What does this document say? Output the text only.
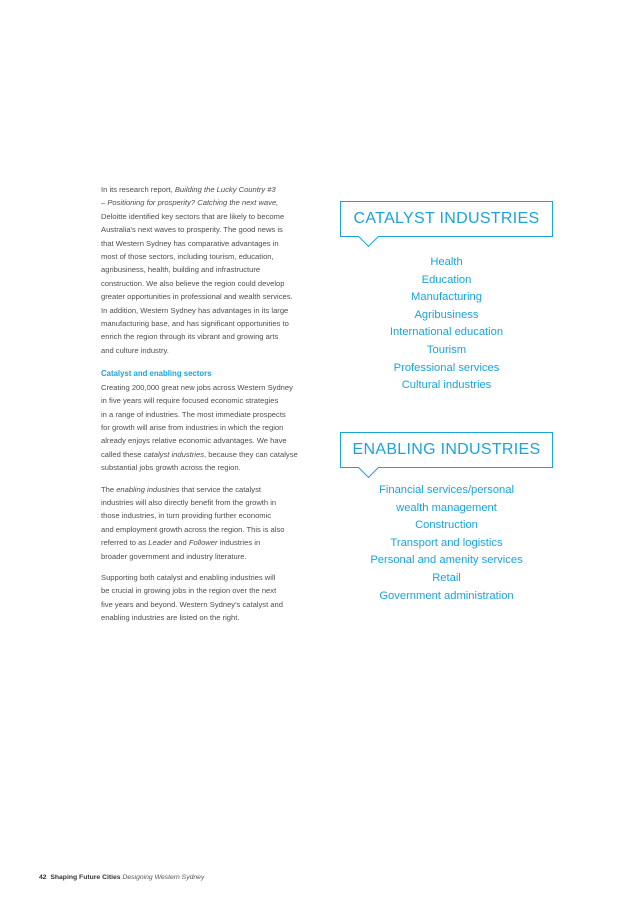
In its research report, Building the Lucky Country #3
– Positioning for prosperity? Catching the next wave,
Deloitte identified key sectors that are likely to become
Australia's next waves to prosperity. The good news is
that Western Sydney has comparative advantages in
most of those sectors, including tourism, education,
agribusiness, health, building and infrastructure
construction. We also believe the region could develop
greater opportunities in professional and wealth services.
In addition, Western Sydney has advantages in its large
manufacturing base, and has significant opportunities to
enrich the region through its vibrant and growing arts
and culture industry.

Catalyst and enabling sectors

Creating 200,000 great new jobs across Western Sydney
in five years will require focused economic strategies
in a range of industries. The most immediate prospects
for growth will arise from industries in which the region
already enjoys relative economic advantages. We have
called these catalyst industries, because they can catalyse
substantial jobs growth across the region.

The enabling industries that service the catalyst
industries will also directly benefit from the growth in
those industries, in turn providing further economic
and employment growth across the region. This is also
referred to as Leader and Follower industries in
broader government and industry literature.

Supporting both catalyst and enabling industries will
be crucial in growing jobs in the region over the next
five years and beyond. Western Sydney's catalyst and
enabling industries are listed on the right.

CATALYST INDUSTRIES
Health
Education
Manufacturing
Agribusiness
International education
Tourism
Professional services
Cultural industries
ENABLING INDUSTRIES
Financial services/personal
wealth management
Construction
Transport and logistics
Personal and amenity services
Retail
Government administration
42 Shaping Future Cities Designing Western Sydney
